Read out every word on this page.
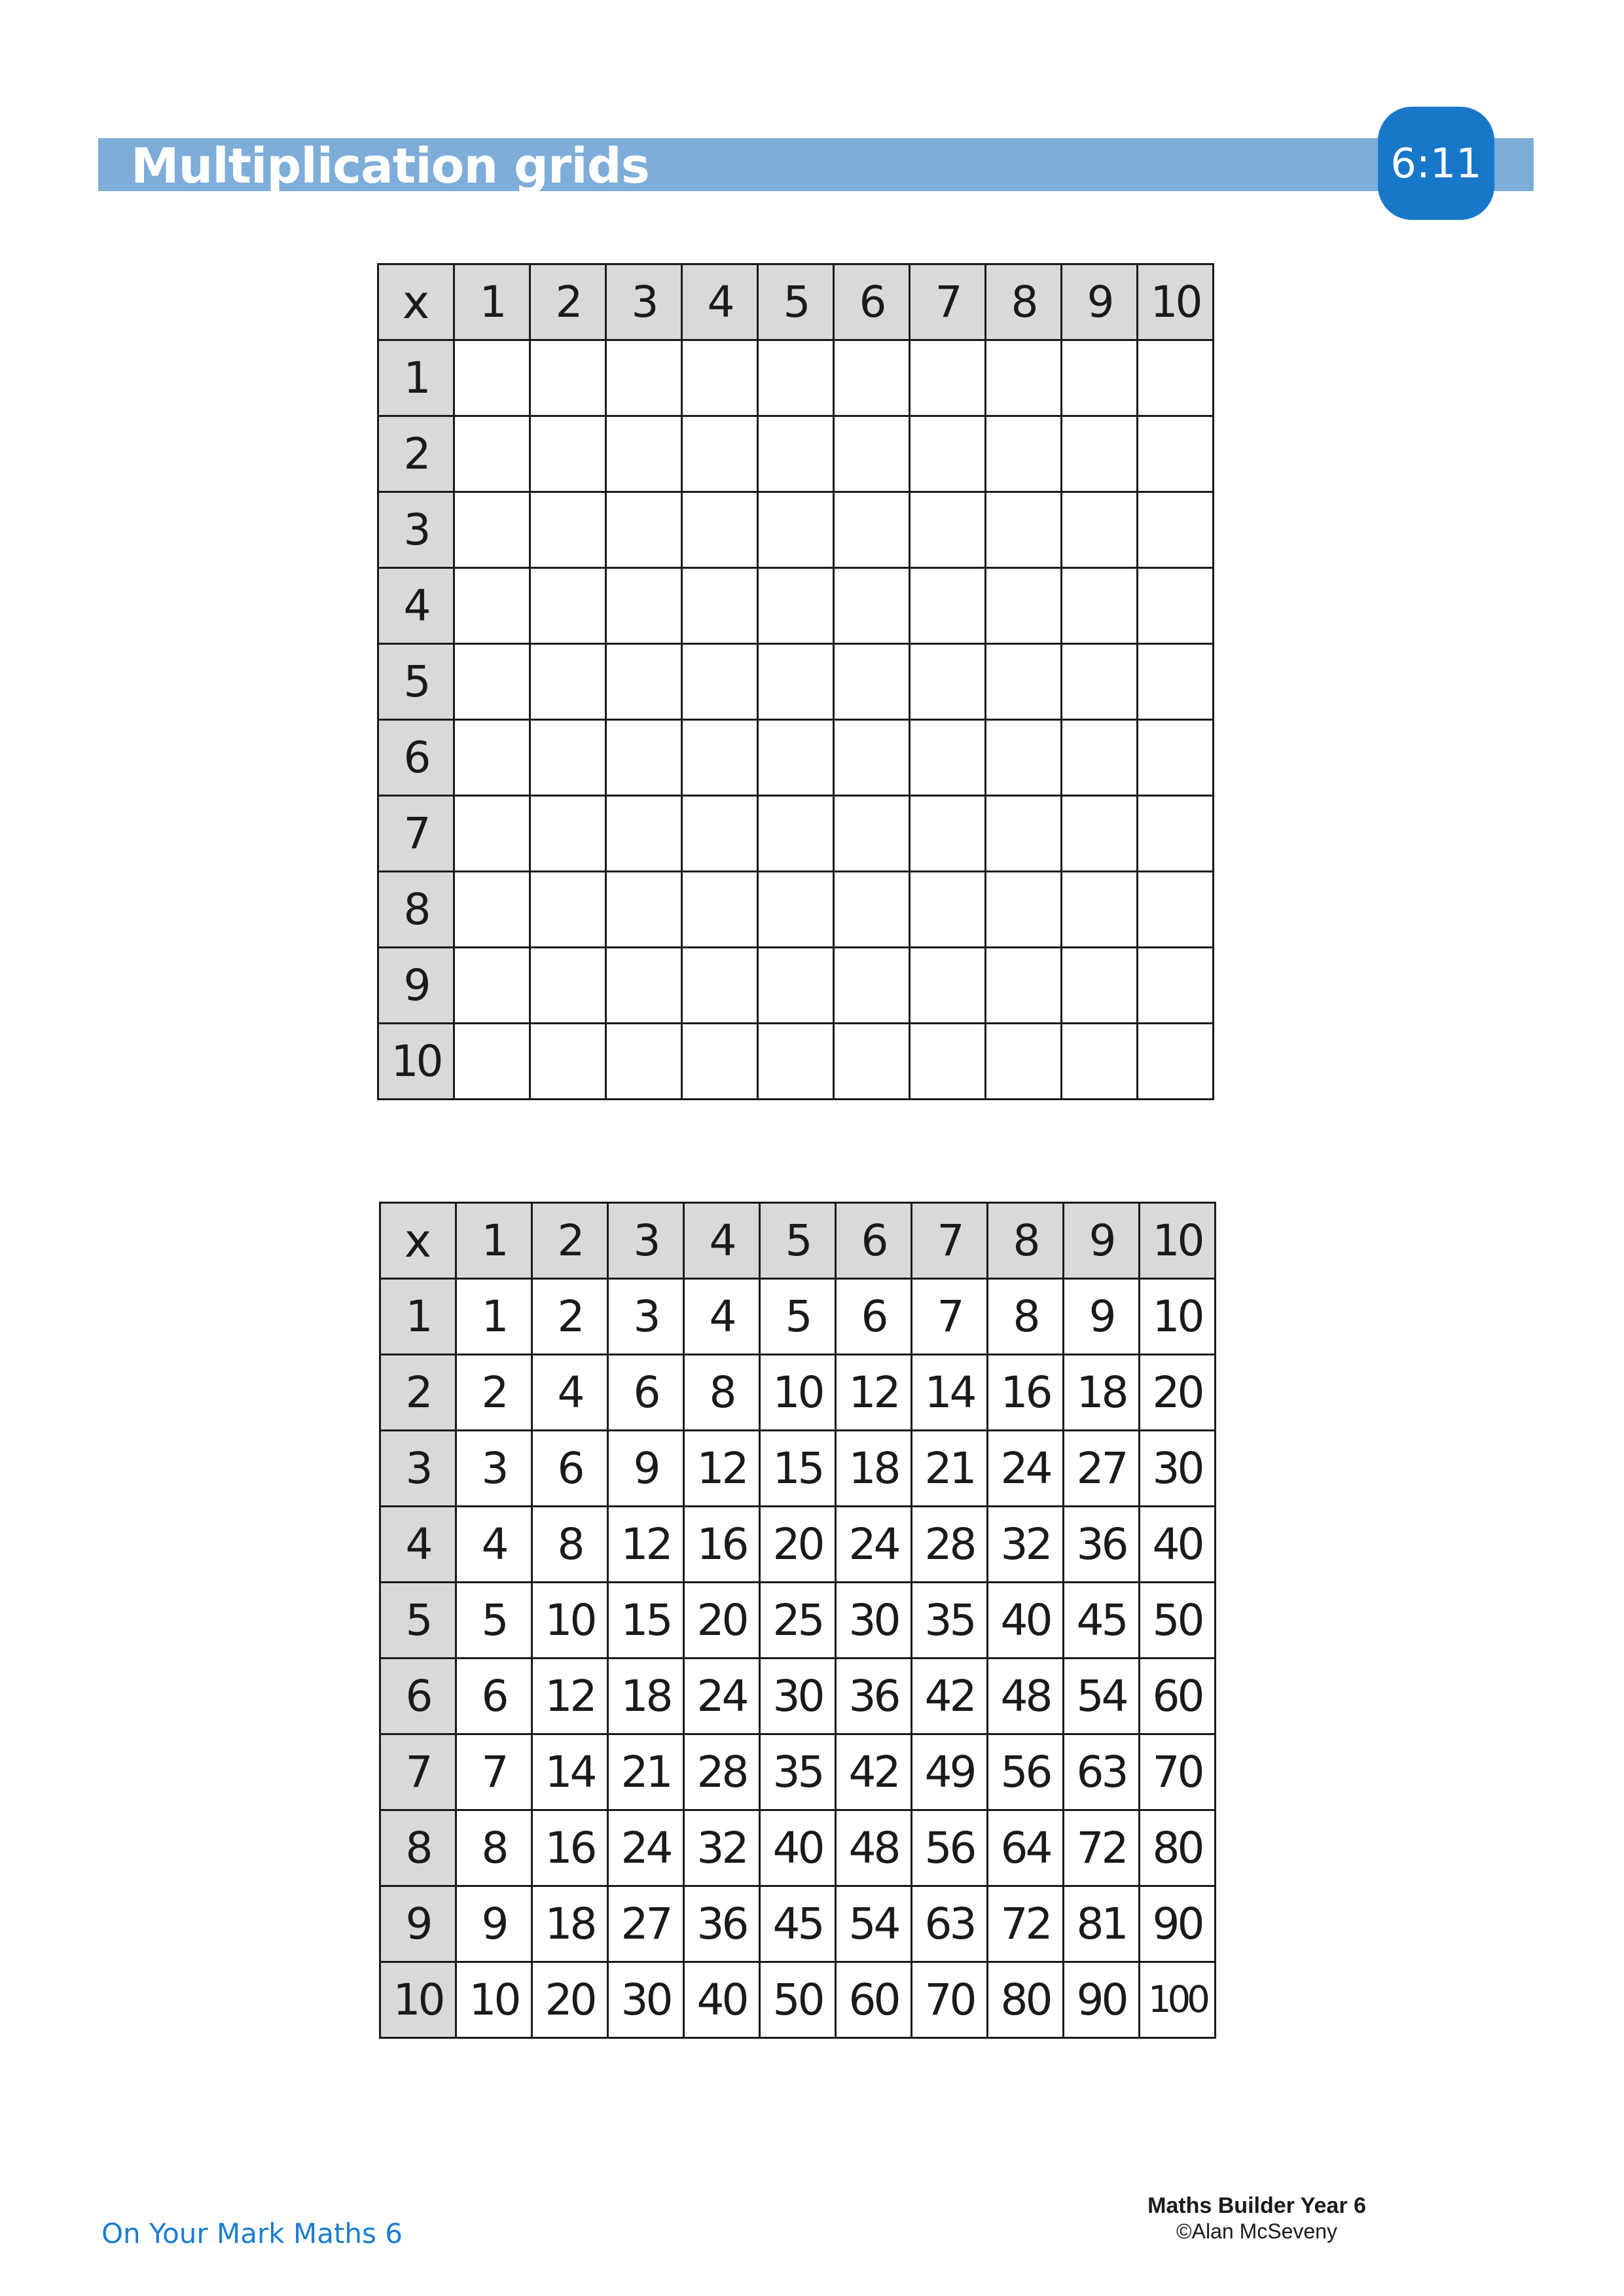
Multiplication grids	6:11
x	1	2	3	4	5	6	7	8	9	10
1										
2										
3										
4										
5										
6										
7										
8										
9										
10										
x	1	2	3	4	5	6	7	8	9	10
1	1	2	3	4	5	6	7	8	9	10
2	2	4	6	8	10	12	14	16	18	20
3	3	6	9	12	15	18	21	24	27	30
4	4	8	12	16	20	24	28	32	36	40
5	5	10	15	20	25	30	35	40	45	50
6	6	12	18	24	30	36	42	48	54	60
7	7	14	21	28	35	42	49	56	63	70
8	8	16	24	32	40	48	56	64	72	80
9	9	18	27	36	45	54	63	72	81	90
10	10	20	30	40	50	60	70	80	90	100
On Your Mark Maths 6
Maths Builder Year 6
©Alan McSeveny
